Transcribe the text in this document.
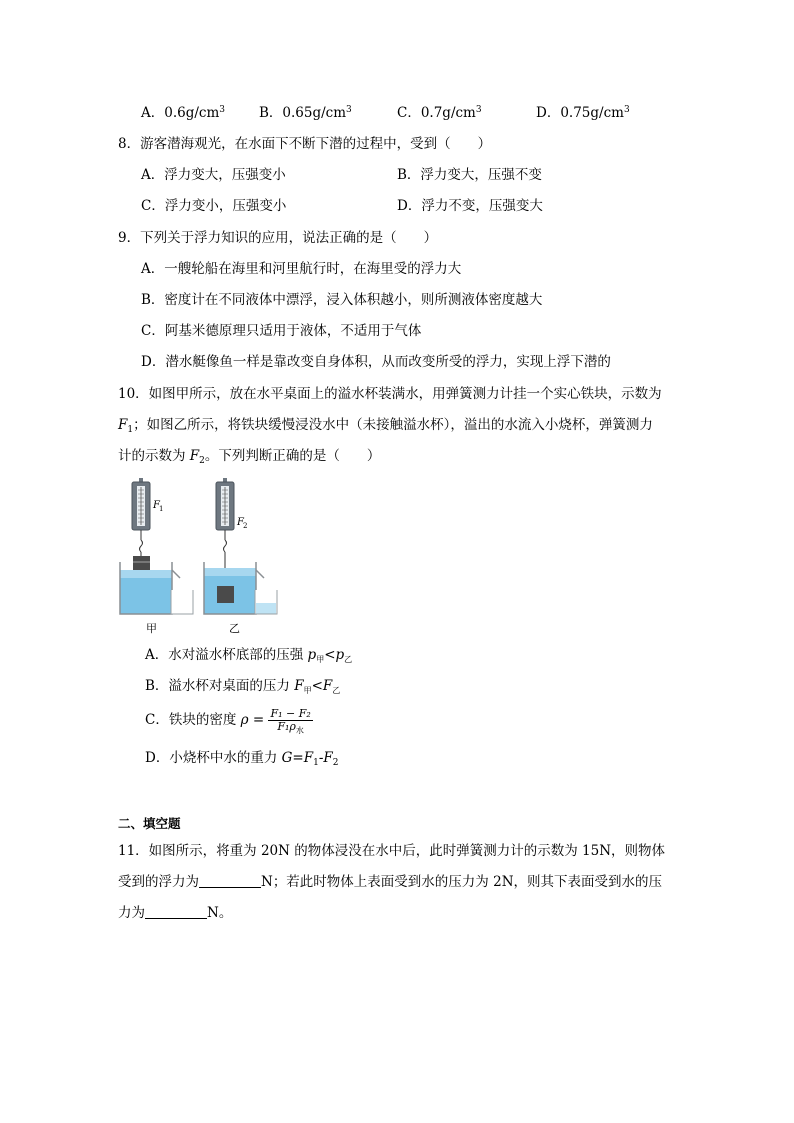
A．$0.6g/cm^3$	B．$0.65g/cm^3$	C．$0.7g/cm^3$	D．$0.75g/cm^3$
8．游客潜海观光，在水面下不断下潜的过程中，受到（　　）
A．浮力变大，压强变小	B．浮力变大，压强不变
C．浮力变小，压强变小	D．浮力不变，压强变大
9．下列关于浮力知识的应用，说法正确的是（　　）
A．一艘轮船在海里和河里航行时，在海里受的浮力大
B．密度计在不同液体中漂浮，浸入体积越小，则所测液体密度越大
C．阿基米德原理只适用于液体，不适用于气体
D．潜水艇像鱼一样是靠改变自身体积，从而改变所受的浮力，实现上浮下潜的
10．如图甲所示，放在水平桌面上的溢水杯装满水，用弹簧测力计挂一个实心铁块，示数为
$F_1$；如图乙所示，将铁块缓慢浸没水中（未接触溢水杯），溢出的水流入小烧杯，弹簧测力
计的示数为 $F_2$。下列判断正确的是（　　）
F 1
F 2
甲	乙
A．水对溢水杯底部的压强 $p_甲<p_乙$
B．溢水杯对桌面的压力 $F_甲<F_乙$
C．铁块的密度 $\rho = \frac{\text{F₁ − F₂}}{F_1\rho_水}$
D．小烧杯中水的重力 $G=F_1-F_2$
二、填空题
11．如图所示，将重为 20N 的物体浸没在水中后，此时弹簧测力计的示数为 15N，则物体
受到的浮力为	N；若此时物体上表面受到水的压力为 2N，则其下表面受到水的压
力为	N。
